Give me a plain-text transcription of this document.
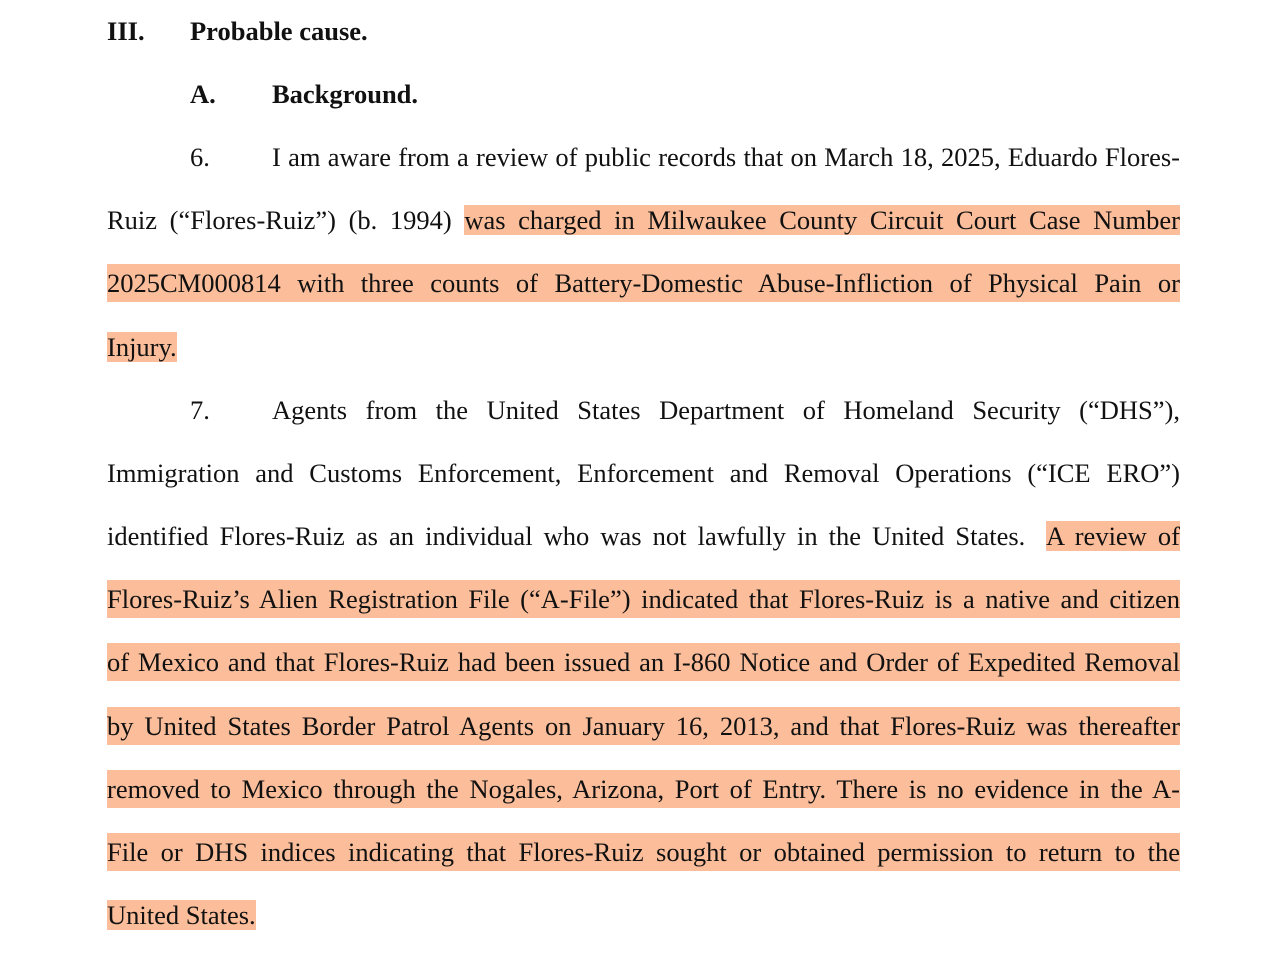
III. Probable cause.
A. Background.
6.	I am aware from a review of public records that on March 18, 2025, Eduardo Flores-
Ruiz (“Flores-Ruiz”) (b. 1994) was charged in Milwaukee County Circuit Court Case Number
2025CM000814 with three counts of Battery-Domestic Abuse-Infliction of Physical Pain or
Injury.
7.	Agents from the United States Department of Homeland Security (“DHS”),
Immigration and Customs Enforcement, Enforcement and Removal Operations (“ICE ERO”)
identified Flores-Ruiz as an individual who was not lawfully in the United States.  A review of
Flores-Ruiz’s Alien Registration File (“A-File”) indicated that Flores-Ruiz is a native and citizen
of Mexico and that Flores-Ruiz had been issued an I-860 Notice and Order of Expedited Removal
by United States Border Patrol Agents on January 16, 2013, and that Flores-Ruiz was thereafter
removed to Mexico through the Nogales, Arizona, Port of Entry. There is no evidence in the A-
File or DHS indices indicating that Flores-Ruiz sought or obtained permission to return to the
United States.
